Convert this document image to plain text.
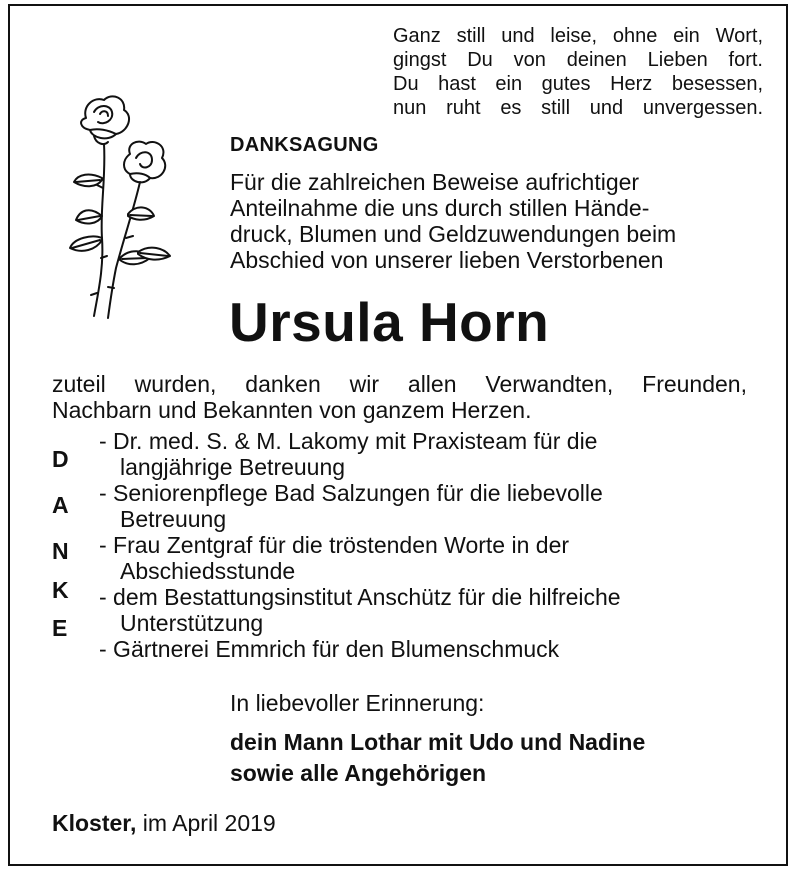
Ganz still und leise, ohne ein Wort,
gingst Du von deinen Lieben fort.
Du hast ein gutes Herz besessen,
nun ruht es still und unvergessen.
DANKSAGUNG
Für die zahlreichen Beweise aufrichtiger
Anteilnahme die uns durch stillen Hände-
druck, Blumen und Geldzuwendungen beim
Abschied von unserer lieben Verstorbenen
Ursula Horn
zuteil wurden, danken wir allen Verwandten, Freunden,
Nachbarn und Bekannten von ganzem Herzen.
D
A
N
K
E
- Dr. med. S. & M. Lakomy mit Praxisteam für die
langjährige Betreuung
- Seniorenpflege Bad Salzungen für die liebevolle
Betreuung
- Frau Zentgraf für die tröstenden Worte in der
Abschiedsstunde
- dem Bestattungsinstitut Anschütz für die hilfreiche
Unterstützung
- Gärtnerei Emmrich für den Blumenschmuck
In liebevoller Erinnerung:
dein Mann Lothar mit Udo und Nadine
sowie alle Angehörigen
Kloster, im April 2019
